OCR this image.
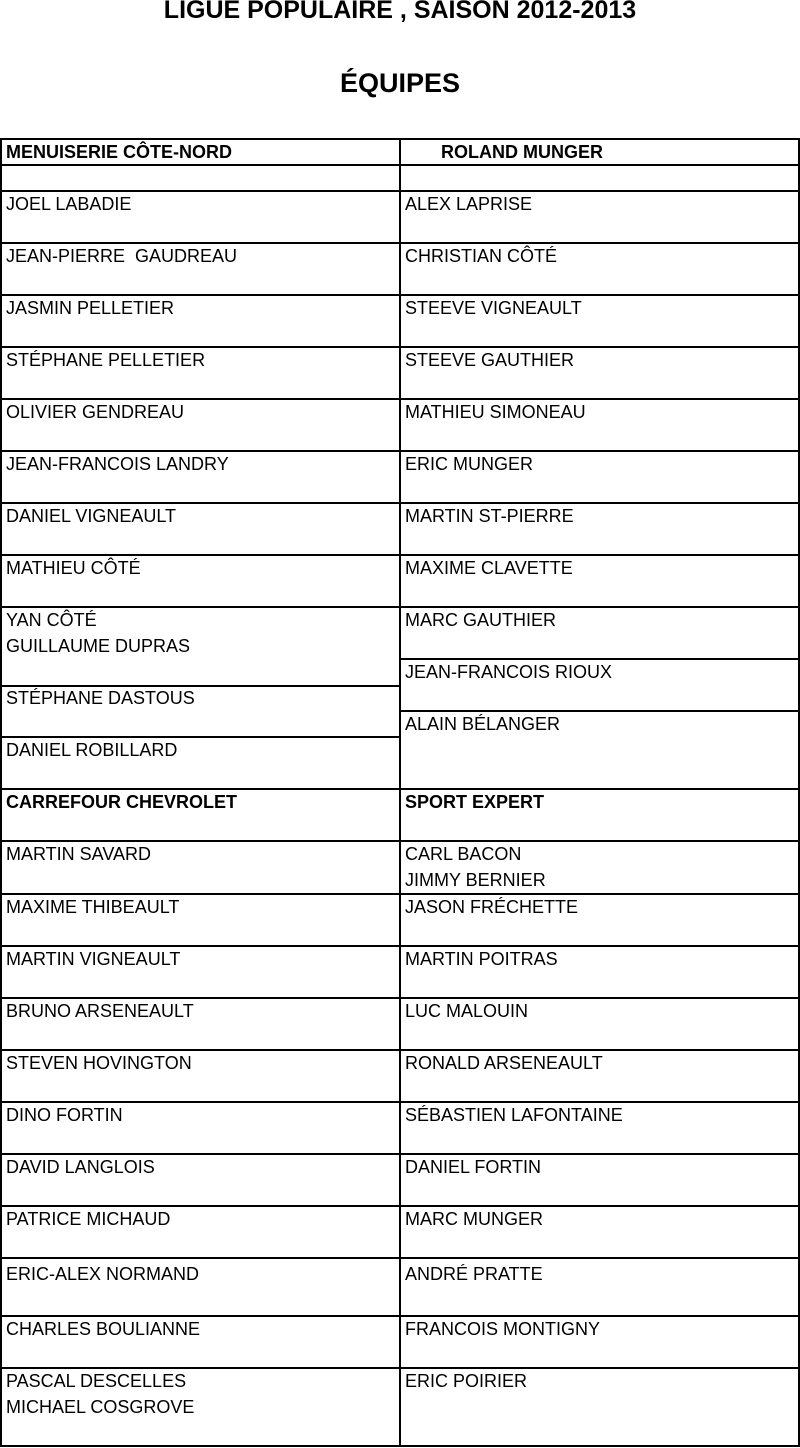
LIGUE POPULAIRE , SAISON 2012-2013
ÉQUIPES
MENUISERIE CÔTE-NORD	ROLAND MUNGER
JOEL LABADIE
JEAN-PIERRE  GAUDREAU
JASMIN PELLETIER
STÉPHANE PELLETIER
OLIVIER GENDREAU
JEAN-FRANCOIS LANDRY
DANIEL VIGNEAULT
MATHIEU CÔTÉ
YAN CÔTÉ
GUILLAUME DUPRAS
STÉPHANE DASTOUS
DANIEL ROBILLARD
ALEX LAPRISE
CHRISTIAN CÔTÉ
STEEVE VIGNEAULT
STEEVE GAUTHIER
MATHIEU SIMONEAU
ERIC MUNGER
MARTIN ST-PIERRE
MAXIME CLAVETTE
MARC GAUTHIER
JEAN-FRANCOIS RIOUX
ALAIN BÉLANGER
CARREFOUR CHEVROLET	SPORT EXPERT
MARTIN SAVARD
MAXIME THIBEAULT
MARTIN VIGNEAULT
BRUNO ARSENEAULT
STEVEN HOVINGTON
DINO FORTIN
DAVID LANGLOIS
PATRICE MICHAUD
ERIC-ALEX NORMAND
CHARLES BOULIANNE
PASCAL DESCELLES
MICHAEL COSGROVE
CARL BACON
JIMMY BERNIER
JASON FRÉCHETTE
MARTIN POITRAS
LUC MALOUIN
RONALD ARSENEAULT
SÉBASTIEN LAFONTAINE
DANIEL FORTIN
MARC MUNGER
ANDRÉ PRATTE
FRANCOIS MONTIGNY
ERIC POIRIER
